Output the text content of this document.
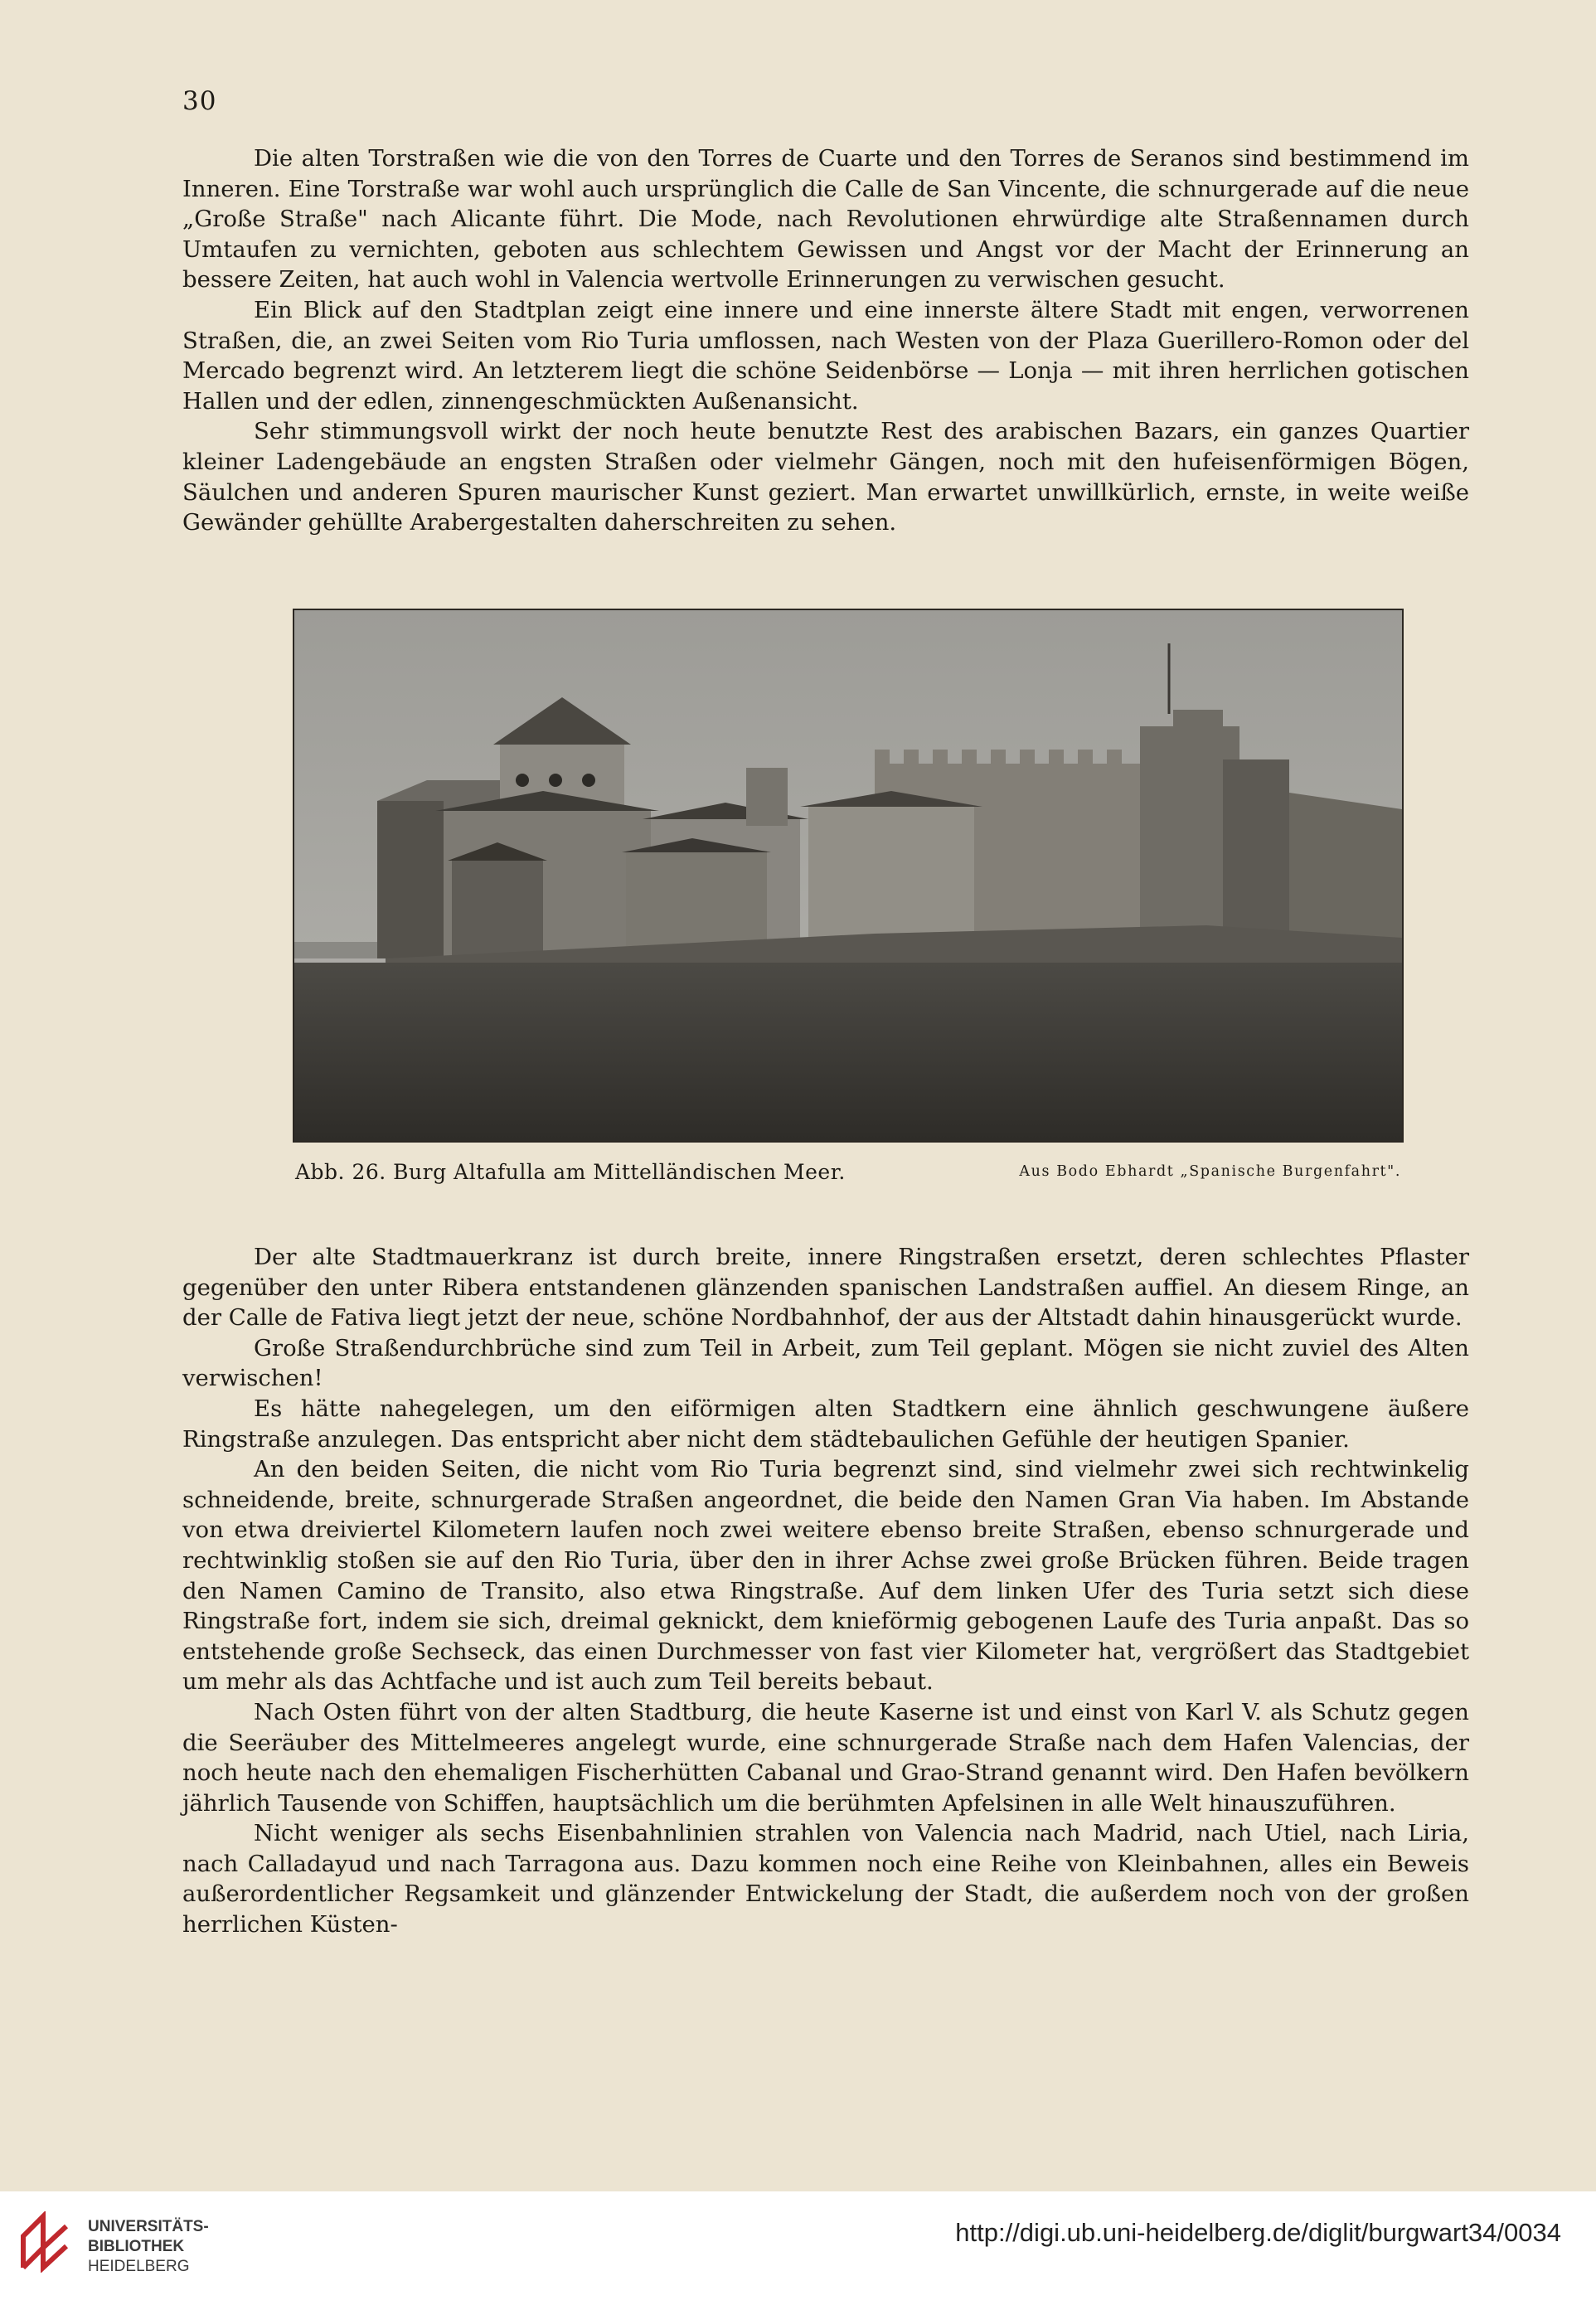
30

Die alten Torstraßen wie die von den Torres de Cuarte und den Torres de Seranos sind bestimmend im Inneren. Eine Torstraße war wohl auch ursprünglich die Calle de San Vincente, die schnurgerade auf die neue „Große Straße" nach Alicante führt. Die Mode, nach Revolutionen ehrwürdige alte Straßennamen durch Umtaufen zu vernichten, geboten aus schlechtem Gewissen und Angst vor der Macht der Erinnerung an bessere Zeiten, hat auch wohl in Valencia wertvolle Erinnerungen zu verwischen gesucht.

Ein Blick auf den Stadtplan zeigt eine innere und eine innerste ältere Stadt mit engen, verworrenen Straßen, die, an zwei Seiten vom Rio Turia umflossen, nach Westen von der Plaza Guerillero-Romon oder del Mercado begrenzt wird. An letzterem liegt die schöne Seidenbörse — Lonja — mit ihren herrlichen gotischen Hallen und der edlen, zinnengeschmückten Außenansicht.

Sehr stimmungsvoll wirkt der noch heute benutzte Rest des arabischen Bazars, ein ganzes Quartier kleiner Ladengebäude an engsten Straßen oder vielmehr Gängen, noch mit den hufeisenförmigen Bögen, Säulchen und anderen Spuren maurischer Kunst geziert. Man erwartet unwillkürlich, ernste, in weite weiße Gewänder gehüllte Arabergestalten daherschreiten zu sehen.

Abb. 26. Burg Altafulla am Mittelländischen Meer.	Aus Bodo Ebhardt „Spanische Burgenfahrt".

Der alte Stadtmauerkranz ist durch breite, innere Ringstraßen ersetzt, deren schlechtes Pflaster gegenüber den unter Ribera entstandenen glänzenden spanischen Landstraßen auffiel. An diesem Ringe, an der Calle de Fativa liegt jetzt der neue, schöne Nordbahnhof, der aus der Altstadt dahin hinausgerückt wurde.

Große Straßendurchbrüche sind zum Teil in Arbeit, zum Teil geplant. Mögen sie nicht zuviel des Alten verwischen!

Es hätte nahegelegen, um den eiförmigen alten Stadtkern eine ähnlich geschwungene äußere Ringstraße anzulegen. Das entspricht aber nicht dem städtebaulichen Gefühle der heutigen Spanier.

An den beiden Seiten, die nicht vom Rio Turia begrenzt sind, sind vielmehr zwei sich rechtwinkelig schneidende, breite, schnurgerade Straßen angeordnet, die beide den Namen Gran Via haben. Im Abstande von etwa dreiviertel Kilometern laufen noch zwei weitere ebenso breite Straßen, ebenso schnurgerade und rechtwinklig stoßen sie auf den Rio Turia, über den in ihrer Achse zwei große Brücken führen. Beide tragen den Namen Camino de Transito, also etwa Ringstraße. Auf dem linken Ufer des Turia setzt sich diese Ringstraße fort, indem sie sich, dreimal geknickt, dem knieförmig gebogenen Laufe des Turia anpaßt. Das so entstehende große Sechseck, das einen Durchmesser von fast vier Kilometer hat, vergrößert das Stadtgebiet um mehr als das Achtfache und ist auch zum Teil bereits bebaut.

Nach Osten führt von der alten Stadtburg, die heute Kaserne ist und einst von Karl V. als Schutz gegen die Seeräuber des Mittelmeeres angelegt wurde, eine schnurgerade Straße nach dem Hafen Valencias, der noch heute nach den ehemaligen Fischerhütten Cabanal und Grao-Strand genannt wird. Den Hafen bevölkern jährlich Tausende von Schiffen, hauptsächlich um die berühmten Apfelsinen in alle Welt hinauszuführen.

Nicht weniger als sechs Eisenbahnlinien strahlen von Valencia nach Madrid, nach Utiel, nach Liria, nach Calladayud und nach Tarragona aus. Dazu kommen noch eine Reihe von Kleinbahnen, alles ein Beweis außerordentlicher Regsamkeit und glänzender Entwickelung der Stadt, die außerdem noch von der großen herrlichen Küsten-

UNIVERSITÄTS-
BIBLIOTHEK
HEIDELBERG
http://digi.ub.uni-heidelberg.de/diglit/burgwart34/0034
